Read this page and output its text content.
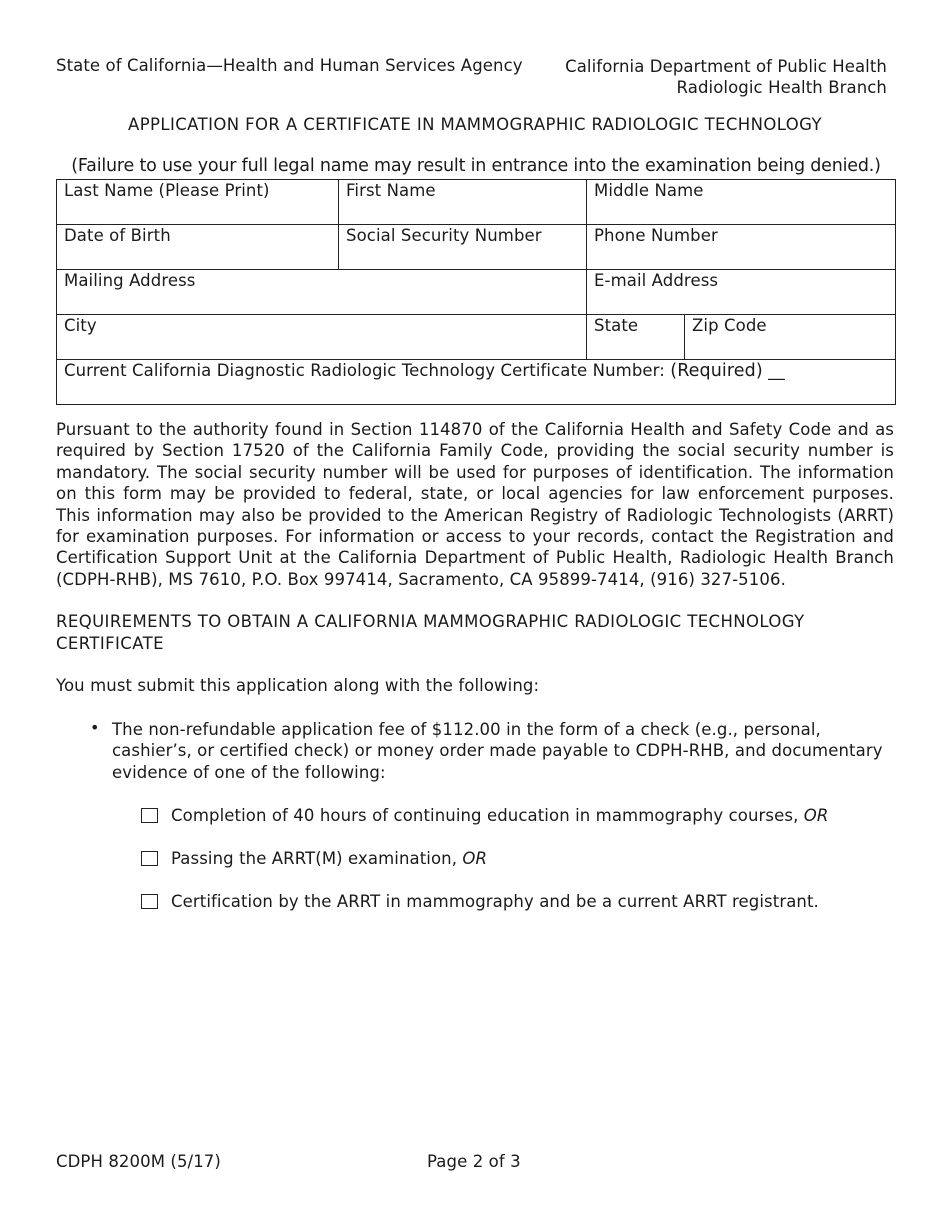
State of California—Health and Human Services Agency	California Department of Public Health
Radiologic Health Branch
APPLICATION FOR A CERTIFICATE IN MAMMOGRAPHIC RADIOLOGIC TECHNOLOGY
(Failure to use your full legal name may result in entrance into the examination being denied.)
Last Name (Please Print)	First Name	Middle Name	
Date of Birth	Social Security Number	Phone Number	
Mailing Address		E-mail Address	
City		State	Zip Code
Current California Diagnostic Radiologic Technology Certificate Number: (Required) __			
Pursuant to the authority found in Section 114870 of the California Health and Safety Code and as required by Section 17520 of the California Family Code, providing the social security number is mandatory. The social security number will be used for purposes of identification. The information on this form may be provided to federal, state, or local agencies for law enforcement purposes. This information may also be provided to the American Registry of Radiologic Technologists (ARRT) for examination purposes. For information or access to your records, contact the Registration and Certification Support Unit at the California Department of Public Health, Radiologic Health Branch (CDPH-RHB), MS 7610, P.O. Box 997414, Sacramento, CA 95899-7414, (916) 327-5106.
REQUIREMENTS TO OBTAIN A CALIFORNIA MAMMOGRAPHIC RADIOLOGIC TECHNOLOGY CERTIFICATE
You must submit this application along with the following:
• The non-refundable application fee of $112.00 in the form of a check (e.g., personal, cashier’s, or certified check) or money order made payable to CDPH-RHB, and documentary evidence of one of the following:
Completion of 40 hours of continuing education in mammography courses, OR
Passing the ARRT(M) examination, OR
Certification by the ARRT in mammography and be a current ARRT registrant.
CDPH 8200M (5/17)	Page 2 of 3
